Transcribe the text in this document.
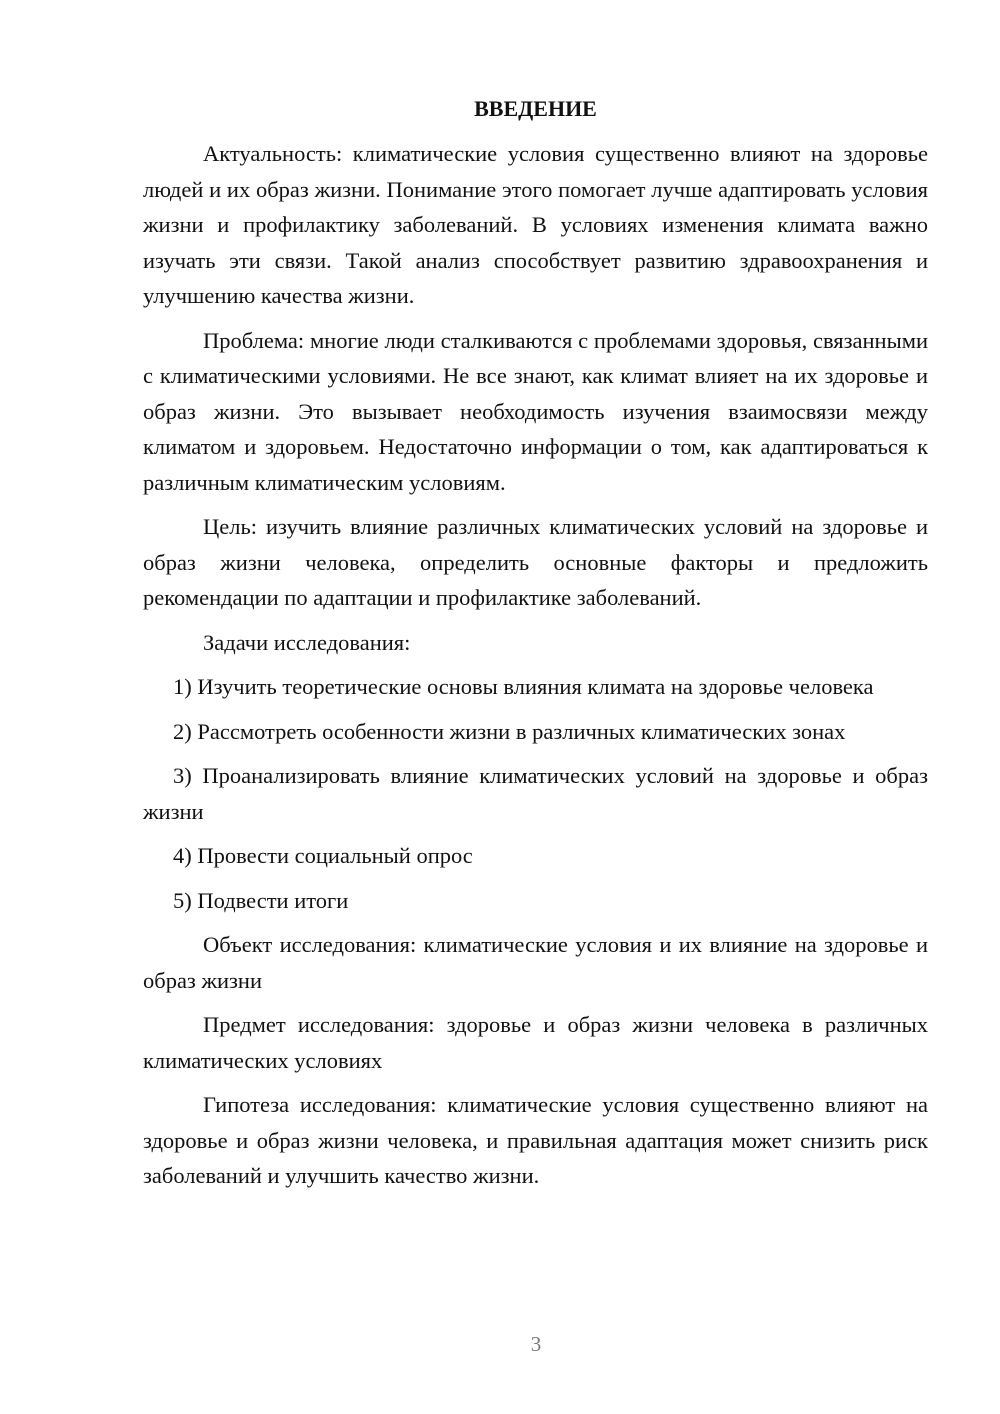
ВВЕДЕНИЕ

Актуальность: климатические условия существенно влияют на здоровье людей и их образ жизни. Понимание этого помогает лучше адаптировать условия жизни и профилактику заболеваний. В условиях изменения климата важно изучать эти связи. Такой анализ способствует развитию здравоохранения и улучшению качества жизни.

Проблема: многие люди сталкиваются с проблемами здоровья, связанными с климатическими условиями. Не все знают, как климат влияет на их здоровье и образ жизни. Это вызывает необходимость изучения взаимосвязи между климатом и здоровьем. Недостаточно информации о том, как адаптироваться к различным климатическим условиям.

Цель: изучить влияние различных климатических условий на здоровье и образ жизни человека, определить основные факторы и предложить рекомендации по адаптации и профилактике заболеваний.

Задачи исследования:

1) Изучить теоретические основы влияния климата на здоровье человека

2) Рассмотреть особенности жизни в различных климатических зонах

3) Проанализировать влияние климатических условий на здоровье и образ жизни

4) Провести социальный опрос

5) Подвести итоги

Объект исследования: климатические условия и их влияние на здоровье и образ жизни

Предмет исследования: здоровье и образ жизни человека в различных климатических условиях

Гипотеза исследования: климатические условия существенно влияют на здоровье и образ жизни человека, и правильная адаптация может снизить риск заболеваний и улучшить качество жизни.

3
